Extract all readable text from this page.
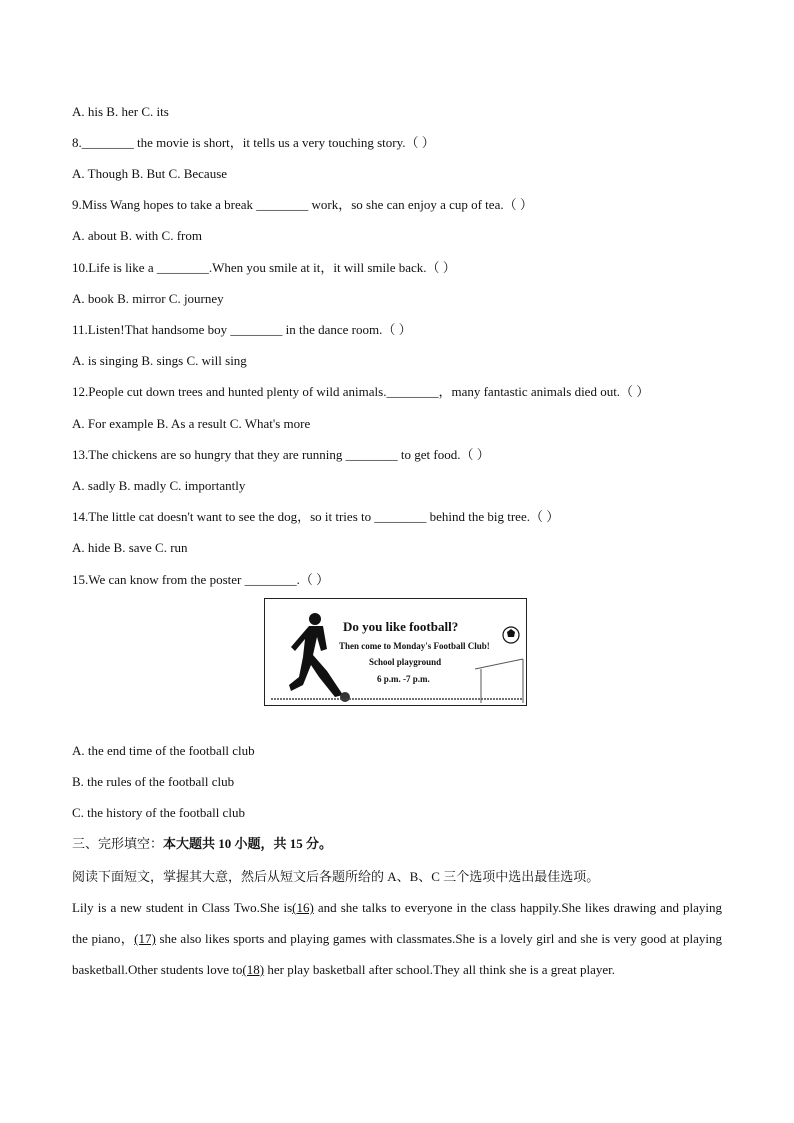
A. his B. her C. its
8.________ the movie is short，it tells us a very touching story.（ ）
A. Though B. But C. Because
9.Miss Wang hopes to take a break ________ work，so she can enjoy a cup of tea.（ ）
A. about B. with C. from
10.Life is like a ________.When you smile at it，it will smile back.（ ）
A. book B. mirror C. journey
11.Listen!That handsome boy ________ in the dance room.（ ）
A. is singing B. sings C. will sing
12.People cut down trees and hunted plenty of wild animals.________，many fantastic animals died out.（ ）
A. For example B. As a result C. What's more
13.The chickens are so hungry that they are running ________ to get food.（ ）
A. sadly B. madly C. importantly
14.The little cat doesn't want to see the dog，so it tries to ________ behind the big tree.（ ）
A. hide B. save C. run
15.We can know from the poster ________.（ ）
Do you like football?
Then come to Monday's Football Club!
School playground
6 p.m. -7 p.m.
A. the end time of the football club
B. the rules of the football club
C. the history of the football club
三、完形填空：本大题共 10 小题，共 15 分。
阅读下面短文，掌握其大意，然后从短文后各题所给的 A、B、C 三个选项中选出最佳选项。
Lily is a new student in Class Two.She is(16) and she talks to everyone in the class happily.She likes drawing and playing the piano，(17) she also likes sports and playing games with classmates.She is a lovely girl and she is very good at playing basketball.Other students love to(18) her play basketball after school.They all think she is a great player.
